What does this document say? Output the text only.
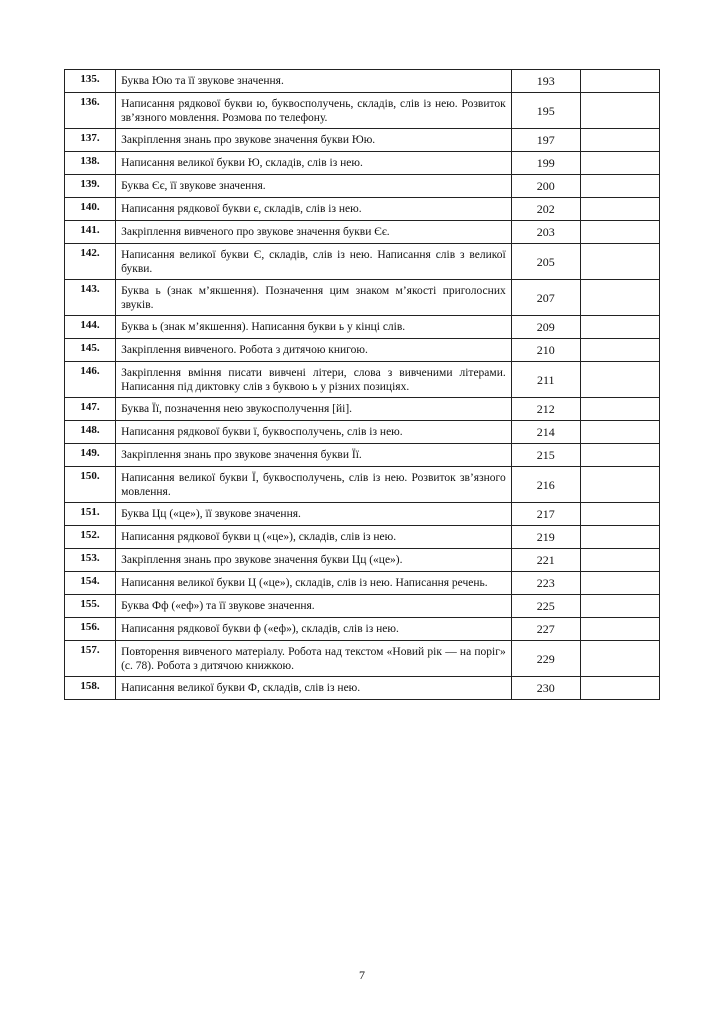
135.	Буква Юю та її звукове значення.	193	
136.	Написання рядкової букви ю, буквосполучень, складів, слів із нею. Розвиток зв’язного мовлення. Розмова по телефону.	195	
137.	Закріплення знань про звукове значення букви Юю.	197	
138.	Написання великої букви Ю, складів, слів із нею.	199	
139.	Буква Єє, її звукове значення.	200	
140.	Написання рядкової букви є, складів, слів із нею.	202	
141.	Закріплення вивченого про звукове значення букви Єє.	203	
142.	Написання великої букви Є, складів, слів із нею. Написання слів з великої букви.	205	
143.	Буква ь (знак м’якшення). Позначення цим знаком м’якості приголосних звуків.	207	
144.	Буква ь (знак м’якшення). Написання букви ь у кінці слів.	209	
145.	Закріплення вивченого. Робота з дитячою книгою.	210	
146.	Закріплення вміння писати вивчені літери, слова з вивченими літерами. Написання під диктовку слів з буквою ь у різних позиціях.	211	
147.	Буква Її, позначення нею звукосполучення [йі].	212	
148.	Написання рядкової букви ї, буквосполучень, слів із нею.	214	
149.	Закріплення знань про звукове значення букви Її.	215	
150.	Написання великої букви Ї, буквосполучень, слів із нею. Розвиток зв’язного мовлення.	216	
151.	Буква Цц («це»), її звукове значення.	217	
152.	Написання рядкової букви ц («це»), складів, слів із нею.	219	
153.	Закріплення знань про звукове значення букви Цц («це»).	221	
154.	Написання великої букви Ц («це»), складів, слів із нею. Написання речень.	223	
155.	Буква Фф («еф») та її звукове значення.	225	
156.	Написання рядкової букви ф («еф»), складів, слів із нею.	227	
157.	Повторення вивченого матеріалу. Робота над текстом «Новий рік — на поріг» (с. 78). Робота з дитячою книжкою.	229	
158.	Написання великої букви Ф, складів, слів із нею.	230	
7
